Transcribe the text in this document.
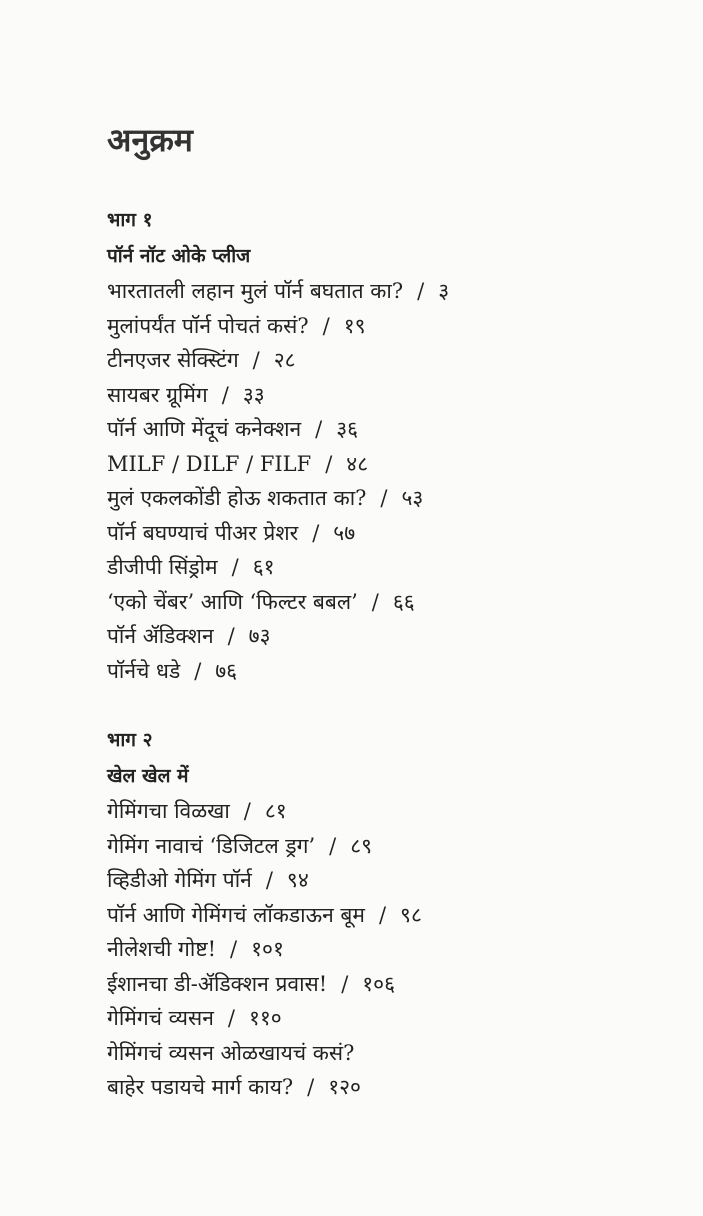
अनुक्रम

भाग १

पॉर्न नॉट ओके प्लीज

भारतातली लहान मुलं पॉर्न बघतात का? / ३

मुलांपर्यंत पॉर्न पोचतं कसं? / १९

टीनएजर सेक्स्टिंग / २८

सायबर ग्रूमिंग / ३३

पॉर्न आणि मेंदूचं कनेक्शन / ३६

MILF / DILF / FILF / ४८

मुलं एकलकोंडी होऊ शकतात का? / ५३

पॉर्न बघण्याचं पीअर प्रेशर / ५७

डीजीपी सिंड्रोम / ६१

‘एको चेंबर’ आणि ‘फिल्टर बबल’ / ६६

पॉर्न ॲडिक्शन / ७३

पॉर्नचे धडे / ७६

भाग २

खेल खेल में

गेमिंगचा विळखा / ८१

गेमिंग नावाचं ‘डिजिटल ड्रग’ / ८९

व्हिडीओ गेमिंग पॉर्न / ९४

पॉर्न आणि गेमिंगचं लॉकडाऊन बूम / ९८

नीलेशची गोष्ट! / १०१

ईशानचा डी-ॲडिक्शन प्रवास! / १०६

गेमिंगचं व्यसन / ११०

गेमिंगचं व्यसन ओळखायचं कसं?

बाहेर पडायचे मार्ग काय? / १२०
